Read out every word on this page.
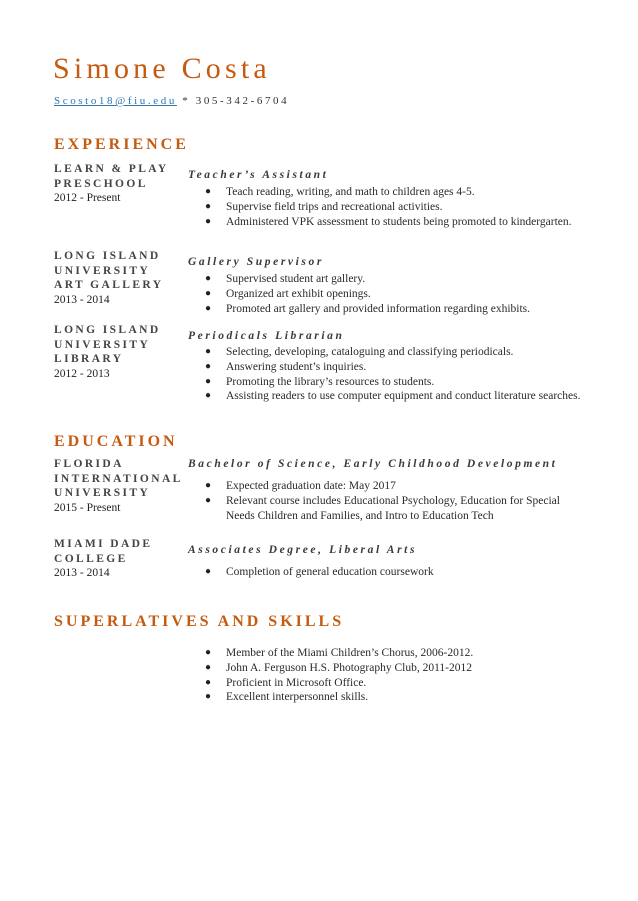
Simone Costa
Scosto18@fiu.edu * 305-342-6704
EXPERIENCE
LEARN & PLAY PRESCHOOL
2012 - Present
Teacher’s Assistant
● Teach reading, writing, and math to children ages 4-5.
● Supervise field trips and recreational activities.
● Administered VPK assessment to students being promoted to kindergarten.
LONG ISLAND UNIVERSITY ART GALLERY
2013 - 2014
Gallery Supervisor
● Supervised student art gallery.
● Organized art exhibit openings.
● Promoted art gallery and provided information regarding exhibits.
LONG ISLAND UNIVERSITY LIBRARY
2012 - 2013
Periodicals Librarian
● Selecting, developing, cataloguing and classifying periodicals.
● Answering student’s inquiries.
● Promoting the library’s resources to students.
● Assisting readers to use computer equipment and conduct literature searches.
EDUCATION
FLORIDA INTERNATIONAL UNIVERSITY
2015 - Present
Bachelor of Science, Early Childhood Development
● Expected graduation date: May 2017
● Relevant course includes Educational Psychology, Education for Special Needs Children and Families, and Intro to Education Tech
MIAMI DADE COLLEGE
2013 - 2014
Associates Degree, Liberal Arts
● Completion of general education coursework
SUPERLATIVES AND SKILLS
● Member of the Miami Children’s Chorus, 2006-2012.
● John A. Ferguson H.S. Photography Club, 2011-2012
● Proficient in Microsoft Office.
● Excellent interpersonnel skills.
